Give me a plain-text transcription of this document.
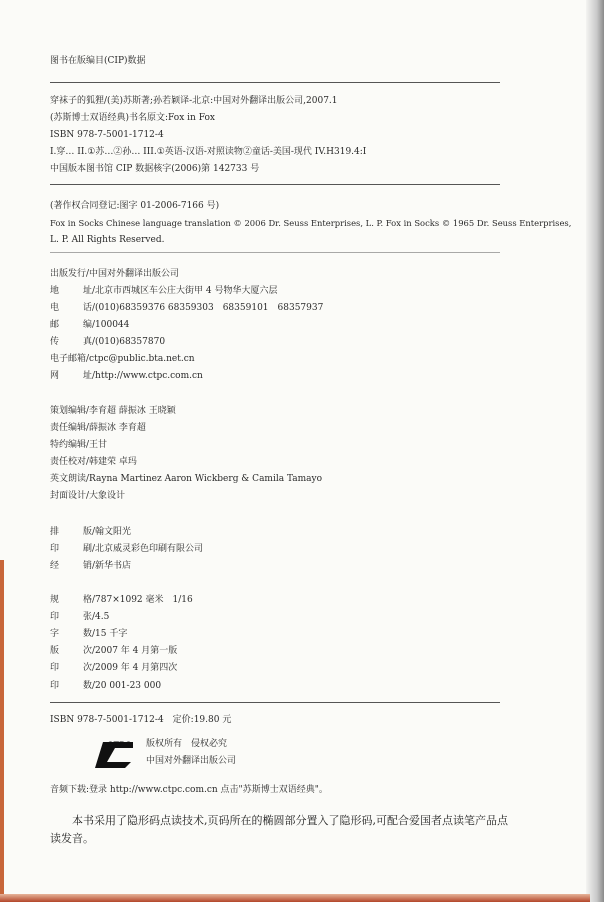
图书在版编目(CIP)数据
穿袜子的狐狸/(美)苏斯著;孙若颖译-北京:中国对外翻译出版公司,2007.1
(苏斯博士双语经典)书名原文:Fox in Fox
ISBN 978-7-5001-1712-4
I.穿… II.①苏…②孙… III.①英语-汉语-对照读物②童话-美国-现代 IV.H319.4:I
中国版本图书馆 CIP 数据核字(2006)第 142733 号
(著作权合同登记:图字 01-2006-7166 号)
Fox in Socks Chinese language translation © 2006 Dr. Seuss Enterprises, L. P. Fox in Socks © 1965 Dr. Seuss Enterprises,
L. P. All Rights Reserved.
出版发行/中国对外翻译出版公司
地	址/北京市西城区车公庄大街甲 4 号物华大厦六层
电	话/(010)68359376 68359303　68359101　68357937
邮	编/100044
传	真/(010)68357870
电子邮箱/ctpc@public.bta.net.cn
网	址/http://www.ctpc.com.cn
策划编辑/李育超 薛振冰 王晓颖
责任编辑/薛振冰 李育超
特约编辑/王甘
责任校对/韩建荣 卓玛
英文朗读/Rayna Martinez Aaron Wickberg & Camila Tamayo
封面设计/大象设计
排	版/翰文阳光
印	刷/北京威灵彩色印刷有限公司
经	销/新华书店
规	格/787×1092 毫米　1/16
印	张/4.5
字	数/15 千字
版	次/2007 年 4 月第一版
印	次/2009 年 4 月第四次
印	数/20 001-23 000
ISBN 978-7-5001-1712-4　定价:19.80 元
CTPC 版权所有　侵权必究
中国对外翻译出版公司
音频下载:登录 http://www.ctpc.com.cn 点击"苏斯博士双语经典"。
本书采用了隐形码点读技术,页码所在的椭圆部分置入了隐形码,可配合爱国者点读笔产品点读发音。
